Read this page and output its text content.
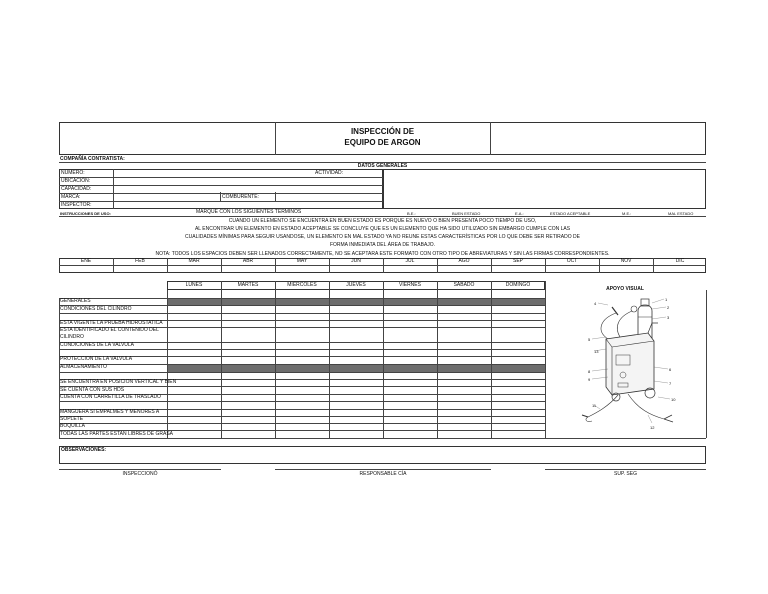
INSPECCIÓN DE
EQUIPO DE ARGON
COMPAÑÍA CONTRATISTA:
DATOS GENERALES
NUMERO:	ACTIVIDAD:
UBICACIÓN:
CAPACIDAD:
MARCA:	COMBURENTE:
INSPECTOR:
INSTRUCCIONES DE USO:	MARQUE CON LOS SIGUIENTES TERMINOS	B.E.:	BUEN ESTADO	E.A.:	ESTADO ACEPTABLE	M.E.:	MAL ESTADO
CUANDO UN ELEMENTO SE ENCUENTRA EN BUEN ESTADO ES PORQUE ES NUEVO O BIEN PRESENTA POCO TIEMPO DE USO,
AL ENCONTRAR UN ELEMENTO EN ESTADO ACEPTABLE SE CONCLUYE QUE ES UN ELEMENTO QUE HA SIDO UTILIZADO SIN EMBARGO CUMPLE CON LAS
CUALIDADES MÍNIMAS PARA SEGUIR USANDOSE, UN ELEMENTO EN MAL ESTADO YA NO REUNE ESTAS CARACTERÍSTICAS POR LO QUE DEBE SER RETIRADO DE
FORMA INMEDIATA DEL ÁREA DE TRABAJO.
NOTA: TODOS LOS ESPACIOS DEBEN SER LLENADOS CORRECTAMENTE, NO SE ACEPTARA ESTE FORMATO CON OTRO TIPO DE ABREVIATURAS Y SIN LAS FIRMAS CORRESPONDIENTES.
ENE	FEB	MAR	ABR	MAY	JUN	JUL	AGO	SEP	OCT	NOV	DIC
LUNES	MARTES	MIÉRCOLES	JUEVES	VIERNES	SÁBADO	DOMINGO
GENERALES
CONDICIONES DEL CILINDRO
ESTA VIGENTE LA PRUEBA HIDROSTATICA
ESTA IDENTIFICADO EL CONTENIDO DEL
CILINDRO
CONDICIONES DE LA VALVULA
PROTECCION DE LA VALVULA
ALMACENAMIENTO
SE ENCUENTRA EN POSICION VERTICAL Y BIEN
SE CUENTA CON SUS HDS
CUENTA CON CARRETILLA DE TRASLADO
MANGUERA SI EMPALMES Y MENORES A
SOPLETE
BOQUILLA
TODAS LAS PARTES ESTAN LIBRES DE GRASA
APOYO VISUAL
1
2
3
4
5
6
7
8
9
10
11
12
13
OBSERVACIONES:
INSPECCIONÓ	RESPONSABLE CÍA	SUP. SEG
